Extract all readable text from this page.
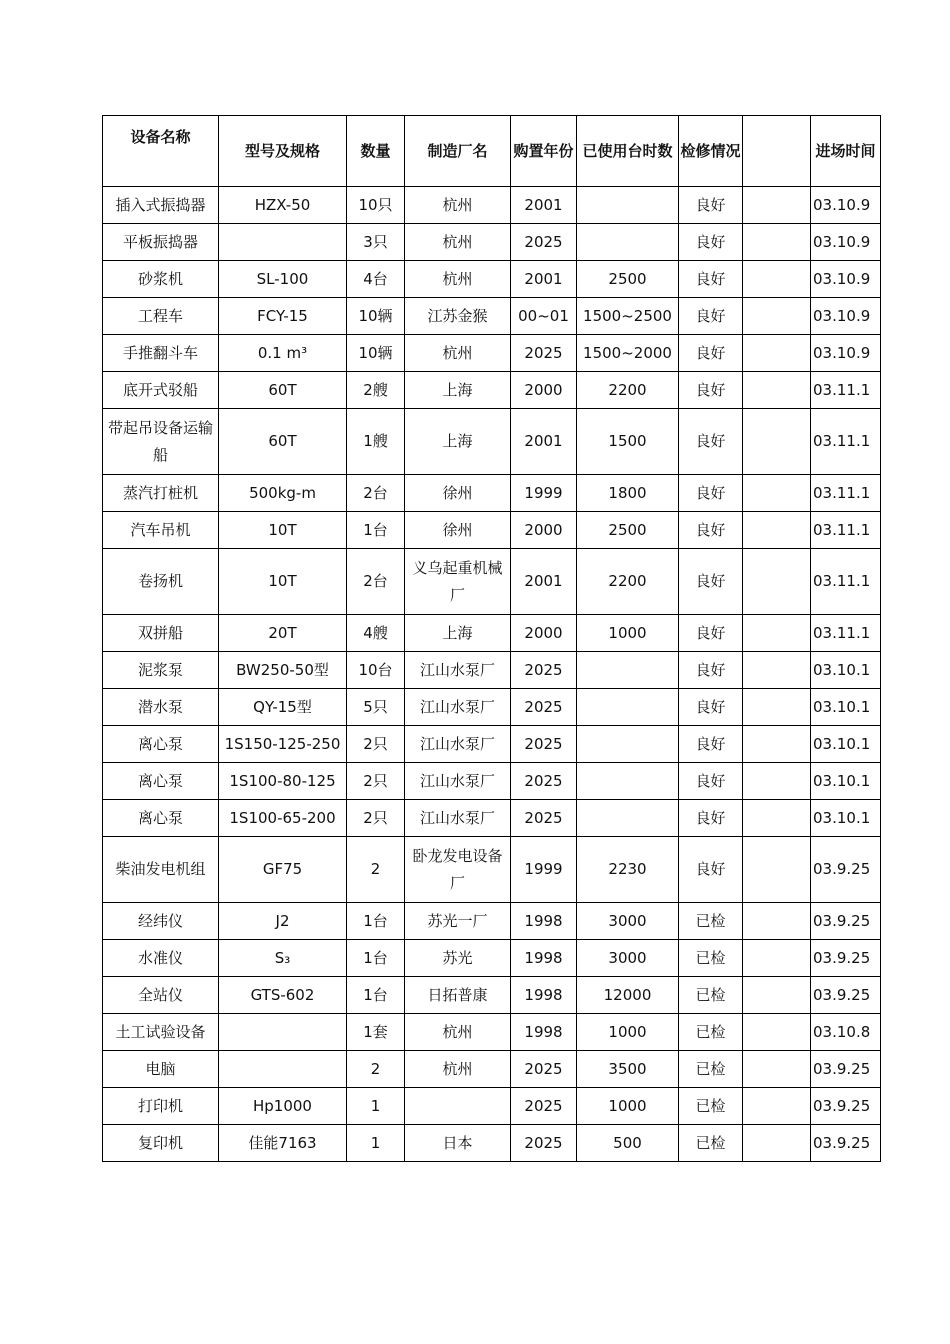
设备名称	型号及规格	数量	制造厂名	购置年份	已使用台时数	检修情况		进场时间
插入式振捣器	HZX-50	10只	杭州	2001		良好		03.10.9
平板振捣器		3只	杭州	2025		良好		03.10.9
砂浆机	SL-100	4台	杭州	2001	2500	良好		03.10.9
工程车	FCY-15	10辆	江苏金猴	00~01	1500~2500	良好		03.10.9
手推翻斗车	0.1 m³	10辆	杭州	2025	1500~2000	良好		03.10.9
底开式驳船	60T	2艘	上海	2000	2200	良好		03.11.1
带起吊设备运输船	60T	1艘	上海	2001	1500	良好		03.11.1
蒸汽打桩机	500kg-m	2台	徐州	1999	1800	良好		03.11.1
汽车吊机	10T	1台	徐州	2000	2500	良好		03.11.1
卷扬机	10T	2台	义乌起重机械厂	2001	2200	良好		03.11.1
双拼船	20T	4艘	上海	2000	1000	良好		03.11.1
泥浆泵	BW250-50型	10台	江山水泵厂	2025		良好		03.10.1
潜水泵	QY-15型	5只	江山水泵厂	2025		良好		03.10.1
离心泵	1S150-125-250	2只	江山水泵厂	2025		良好		03.10.1
离心泵	1S100-80-125	2只	江山水泵厂	2025		良好		03.10.1
离心泵	1S100-65-200	2只	江山水泵厂	2025		良好		03.10.1
柴油发电机组	GF75	2	卧龙发电设备厂	1999	2230	良好		03.9.25
经纬仪	J2	1台	苏光一厂	1998	3000	已检		03.9.25
水准仪	S₃	1台	苏光	1998	3000	已检		03.9.25
全站仪	GTS-602	1台	日拓普康	1998	12000	已检		03.9.25
土工试验设备		1套	杭州	1998	1000	已检		03.10.8
电脑		2	杭州	2025	3500	已检		03.9.25
打印机	Hp1000	1		2025	1000	已检		03.9.25
复印机	佳能7163	1	日本	2025	500	已检		03.9.25
